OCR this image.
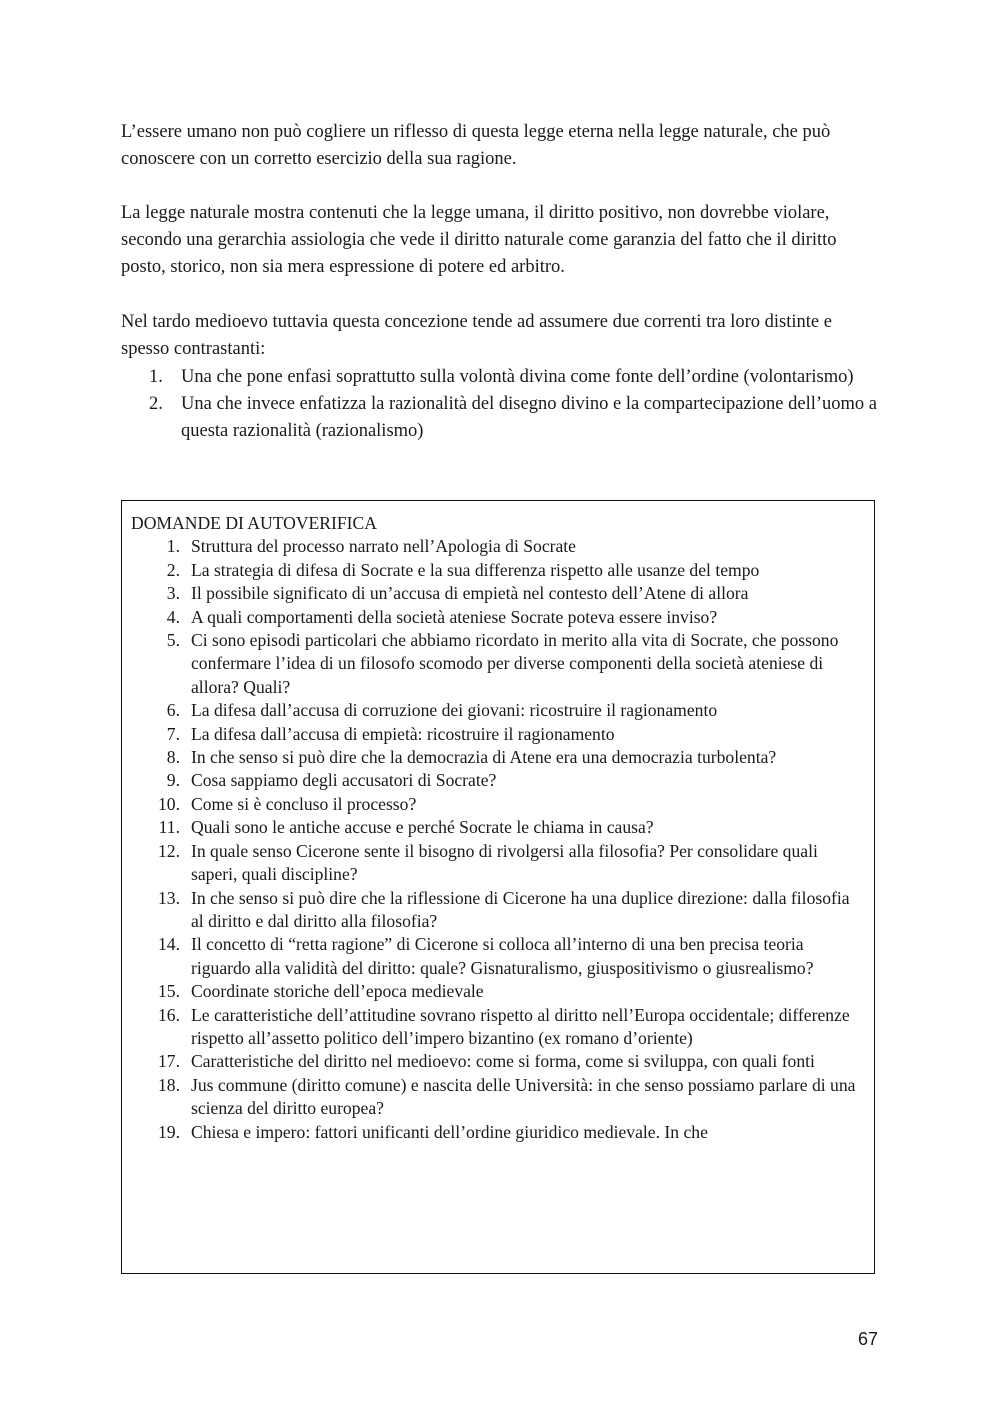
L’essere umano non può cogliere un riflesso di questa legge eterna nella legge naturale, che può conoscere con un corretto esercizio della sua ragione.

La legge naturale mostra contenuti che la legge umana, il diritto positivo, non dovrebbe violare, secondo una gerarchia assiologia che vede il diritto naturale come garanzia del fatto che il diritto posto, storico, non sia mera espressione di potere ed arbitro.

Nel tardo medioevo tuttavia questa concezione tende ad assumere due correnti tra loro distinte e spesso contrastanti:

1. Una che pone enfasi soprattutto sulla volontà divina come fonte dell’ordine (volontarismo)
2. Una che invece enfatizza la razionalità del disegno divino e la compartecipazione dell’uomo a questa razionalità (razionalismo)

DOMANDE DI AUTOVERIFICA

1. Struttura del processo narrato nell’Apologia di Socrate
2. La strategia di difesa di Socrate e la sua differenza rispetto alle usanze del tempo
3. Il possibile significato di un’accusa di empietà nel contesto dell’Atene di allora
4. A quali comportamenti della società ateniese Socrate poteva essere inviso?
5. Ci sono episodi particolari che abbiamo ricordato in merito alla vita di Socrate, che possono confermare l’idea di un filosofo scomodo per diverse componenti della società ateniese di allora? Quali?
6. La difesa dall’accusa di corruzione dei giovani: ricostruire il ragionamento
7. La difesa dall’accusa di empietà: ricostruire il ragionamento
8. In che senso si può dire che la democrazia di Atene era una democrazia turbolenta?
9. Cosa sappiamo degli accusatori di Socrate?
10. Come si è concluso il processo?
11. Quali sono le antiche accuse e perché Socrate le chiama in causa?
12. In quale senso Cicerone sente il bisogno di rivolgersi alla filosofia? Per consolidare quali saperi, quali discipline?
13. In che senso si può dire che la riflessione di Cicerone ha una duplice direzione: dalla filosofia al diritto e dal diritto alla filosofia?
14. Il concetto di “retta ragione” di Cicerone si colloca all’interno di una ben precisa teoria riguardo alla validità del diritto: quale? Gisnaturalismo, giuspositivismo o giusrealismo?
15. Coordinate storiche dell’epoca medievale
16. Le caratteristiche dell’attitudine sovrano rispetto al diritto nell’Europa occidentale; differenze rispetto all’assetto politico dell’impero bizantino (ex romano d’oriente)
17. Caratteristiche del diritto nel medioevo: come si forma, come si sviluppa, con quali fonti
18. Jus commune (diritto comune) e nascita delle Università: in che senso possiamo parlare di una scienza del diritto europea?
19. Chiesa e impero: fattori unificanti dell’ordine giuridico medievale. In che
67
